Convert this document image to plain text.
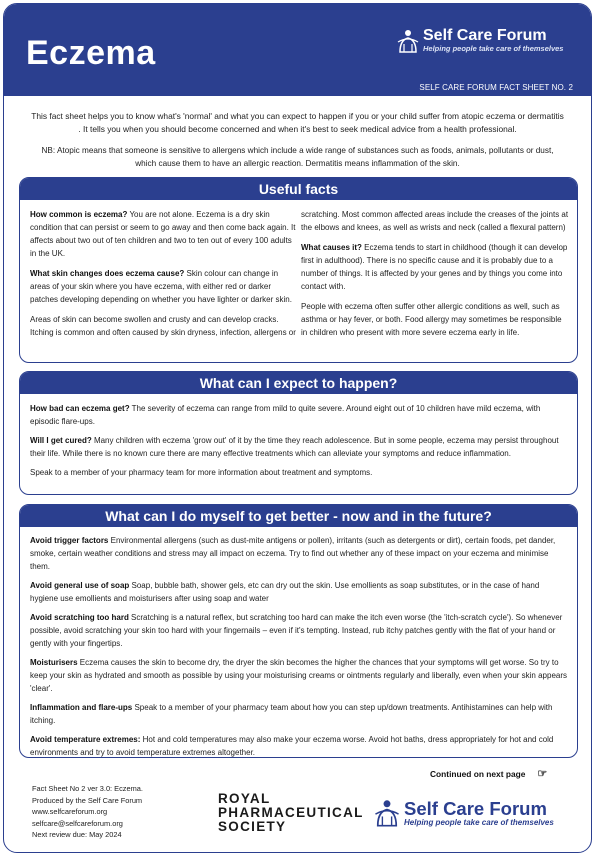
Eczema	Self Care Forum
Helping people take care of themselves
SELF CARE FORUM FACT SHEET NO. 2
This fact sheet helps you to know what's 'normal' and what you can expect to happen if you or your child suffer from atopic eczema or dermatitis . It tells you when you should become concerned and when it's best to seek medical advice from a health professional.
NB: Atopic means that someone is sensitive to allergens which include a wide range of substances such as foods, animals, pollutants or dust, which cause them to have an allergic reaction. Dermatitis means inflammation of the skin.
Useful facts

How common is eczema? You are not alone. Eczema is a dry skin condition that can persist or seem to go away and then come back again. It affects about two out of ten children and two to ten out of every 100 adults in the UK.

What skin changes does eczema cause? Skin colour can change in areas of your skin where you have eczema, with either red or darker patches developing depending on whether you have lighter or darker skin.

Areas of skin can become swollen and crusty and can develop cracks. Itching is common and often caused by skin dryness, infection, allergens or

scratching. Most common affected areas include the creases of the joints at the elbows and knees, as well as wrists and neck (called a flexural pattern)

What causes it? Eczema tends to start in childhood (though it can develop first in adulthood). There is no specific cause and it is probably due to a number of things. It is affected by your genes and by things you come into contact with.

People with eczema often suffer other allergic conditions as well, such as asthma or hay fever, or both. Food allergy may sometimes be responsible in children who present with more severe eczema early in life.

What can I expect to happen?

How bad can eczema get? The severity of eczema can range from mild to quite severe. Around eight out of 10 children have mild eczema, with episodic flare-ups.

Will I get cured? Many children with eczema 'grow out' of it by the time they reach adolescence. But in some people, eczema may persist throughout their life. While there is no known cure there are many effective treatments which can alleviate your symptoms and reduce inflammation.

Speak to a member of your pharmacy team for more information about treatment and symptoms.

What can I do myself to get better - now and in the future?

Avoid trigger factors Environmental allergens (such as dust-mite antigens or pollen), irritants (such as detergents or dirt), certain foods, pet dander, smoke, certain weather conditions and stress may all impact on eczema. Try to find out whether any of these impact on your eczema and minimise them.

Avoid general use of soap Soap, bubble bath, shower gels, etc can dry out the skin. Use emollients as soap substitutes, or in the case of hand hygiene use emollients and moisturisers after using soap and water

Avoid scratching too hard Scratching is a natural reflex, but scratching too hard can make the itch even worse (the 'itch-scratch cycle'). So whenever possible, avoid scratching your skin too hard with your fingernails – even if it's tempting. Instead, rub itchy patches gently with the flat of your hand or gently with your fingertips.

Moisturisers Eczema causes the skin to become dry, the dryer the skin becomes the higher the chances that your symptoms will get worse. So try to keep your skin as hydrated and smooth as possible by using your moisturising creams or ointments regularly and liberally, even when your skin appears 'clear'.

Inflammation and flare-ups Speak to a member of your pharmacy team about how you can step up/down treatments. Antihistamines can help with itching.

Avoid temperature extremes: Hot and cold temperatures may also make your eczema worse. Avoid hot baths, dress appropriately for hot and cold environments and try to avoid temperature extremes altogether.

Continued on next page ☞
Fact Sheet No 2 ver 3.0: Eczema.
Produced by the Self Care Forum
www.selfcareforum.org
selfcare@selfcareforum.org
Next review due: May 2024
ROYAL
PHARMACEUTICAL
SOCIETY
Self Care Forum
Helping people take care of themselves
